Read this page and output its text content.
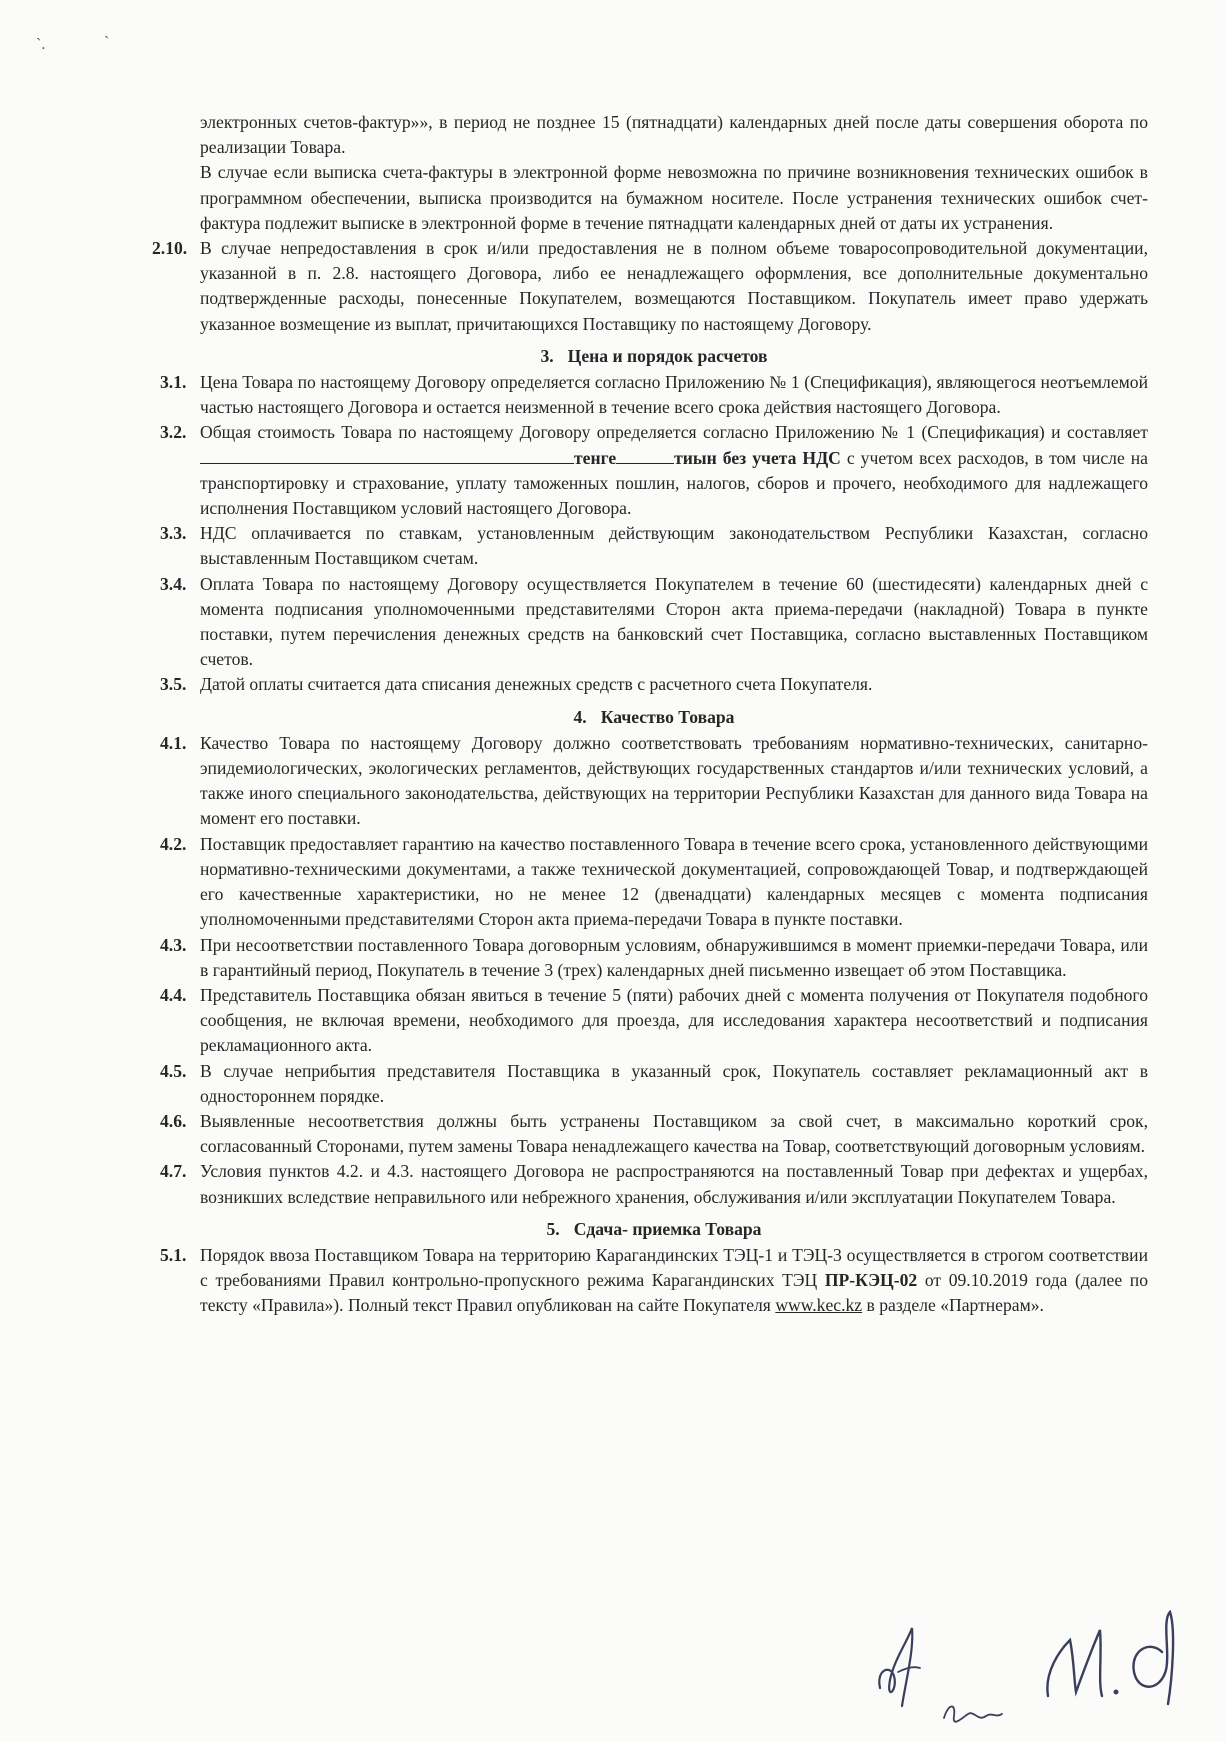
`.	`
электронных счетов-фактур»», в период не позднее 15 (пятнадцати) календарных дней после даты совершения оборота по реализации Товара.
В случае если выписка счета-фактуры в электронной форме невозможна по причине возникновения технических ошибок в программном обеспечении, выписка производится на бумажном носителе. После устранения технических ошибок счет-фактура подлежит выписке в электронной форме в течение пятнадцати календарных дней от даты их устранения.
2.10. В случае непредоставления в срок и/или предоставления не в полном объеме товаросопроводительной документации, указанной в п. 2.8. настоящего Договора, либо ее ненадлежащего оформления, все дополнительные документально подтвержденные расходы, понесенные Покупателем, возмещаются Поставщиком. Покупатель имеет право удержать указанное возмещение из выплат, причитающихся Поставщику по настоящему Договору.
3. Цена и порядок расчетов
3.1. Цена Товара по настоящему Договору определяется согласно Приложению № 1 (Спецификация), являющегося неотъемлемой частью настоящего Договора и остается неизменной в течение всего срока действия настоящего Договора.
3.2. Общая стоимость Товара по настоящему Договору определяется согласно Приложению № 1 (Спецификация) и составляет тенге	тиын без учета НДС с учетом всех расходов, в том числе на транспортировку и страхование, уплату таможенных пошлин, налогов, сборов и прочего, необходимого для надлежащего исполнения Поставщиком условий настоящего Договора.
3.3. НДС оплачивается по ставкам, установленным действующим законодательством Республики Казахстан, согласно выставленным Поставщиком счетам.
3.4. Оплата Товара по настоящему Договору осуществляется Покупателем в течение 60 (шестидесяти) календарных дней с момента подписания уполномоченными представителями Сторон акта приема-передачи (накладной) Товара в пункте поставки, путем перечисления денежных средств на банковский счет Поставщика, согласно выставленных Поставщиком счетов.
3.5. Датой оплаты считается дата списания денежных средств с расчетного счета Покупателя.
4. Качество Товара
4.1. Качество Товара по настоящему Договору должно соответствовать требованиям нормативно-технических, санитарно-эпидемиологических, экологических регламентов, действующих государственных стандартов и/или технических условий, а также иного специального законодательства, действующих на территории Республики Казахстан для данного вида Товара на момент его поставки.
4.2. Поставщик предоставляет гарантию на качество поставленного Товара в течение всего срока, установленного действующими нормативно-техническими документами, а также технической документацией, сопровождающей Товар, и подтверждающей его качественные характеристики, но не менее 12 (двенадцати) календарных месяцев с момента подписания уполномоченными представителями Сторон акта приема-передачи Товара в пункте поставки.
4.3. При несоответствии поставленного Товара договорным условиям, обнаружившимся в момент приемки-передачи Товара, или в гарантийный период, Покупатель в течение 3 (трех) календарных дней письменно извещает об этом Поставщика.
4.4. Представитель Поставщика обязан явиться в течение 5 (пяти) рабочих дней с момента получения от Покупателя подобного сообщения, не включая времени, необходимого для проезда, для исследования характера несоответствий и подписания рекламационного акта.
4.5. В случае неприбытия представителя Поставщика в указанный срок, Покупатель составляет рекламационный акт в одностороннем порядке.
4.6. Выявленные несоответствия должны быть устранены Поставщиком за свой счет, в максимально короткий срок, согласованный Сторонами, путем замены Товара ненадлежащего качества на Товар, соответствующий договорным условиям.
4.7. Условия пунктов 4.2. и 4.3. настоящего Договора не распространяются на поставленный Товар при дефектах и ущербах, возникших вследствие неправильного или небрежного хранения, обслуживания и/или эксплуатации Покупателем Товара.
5. Сдача- приемка Товара
5.1. Порядок ввоза Поставщиком Товара на территорию Карагандинских ТЭЦ-1 и ТЭЦ-3 осуществляется в строгом соответствии с требованиями Правил контрольно-пропускного режима Карагандинских ТЭЦ ПР-КЭЦ-02 от 09.10.2019 года (далее по тексту «Правила»). Полный текст Правил опубликован на сайте Покупателя www.kec.kz в разделе «Партнерам».
